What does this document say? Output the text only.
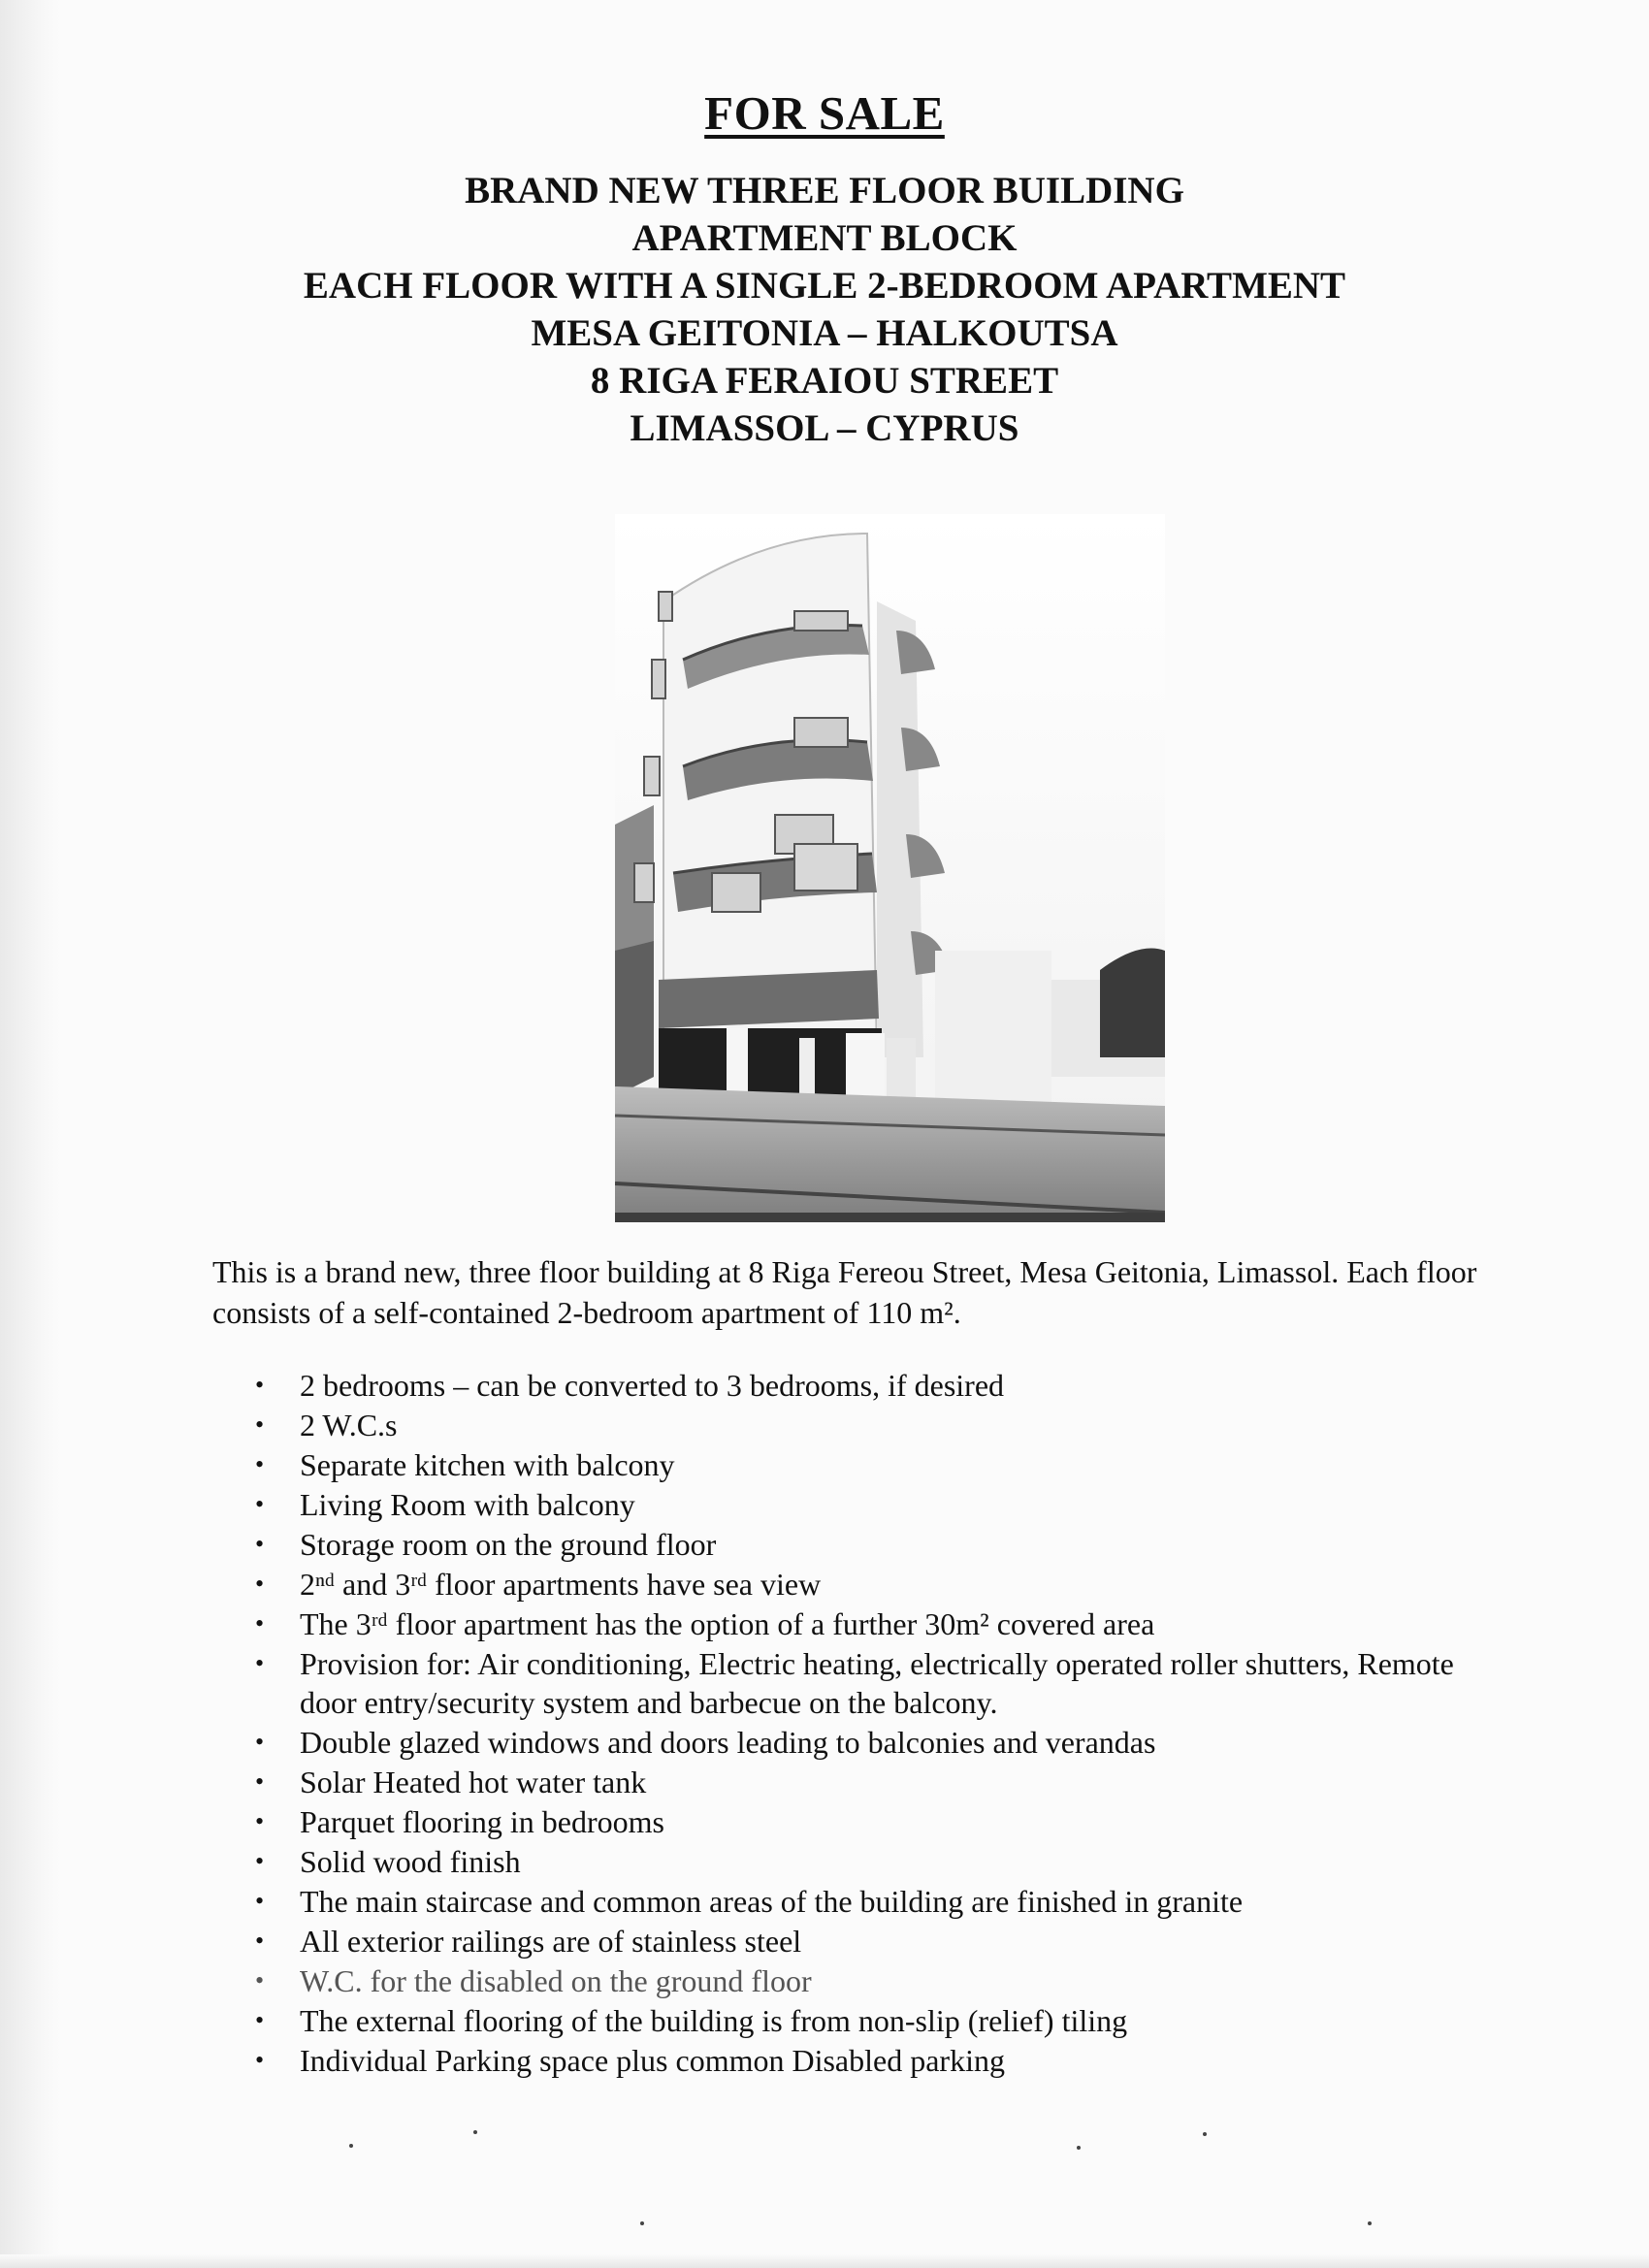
FOR SALE
BRAND NEW THREE FLOOR BUILDING
APARTMENT BLOCK
EACH FLOOR WITH A SINGLE 2-BEDROOM APARTMENT
MESA GEITONIA – HALKOUTSA
8 RIGA FERAIOU STREET
LIMASSOL – CYPRUS
This is a brand new, three floor building at 8 Riga Fereou Street, Mesa Geitonia, Limassol. Each floor consists of a self-contained 2-bedroom apartment of 110 m².
• 2 bedrooms – can be converted to 3 bedrooms, if desired
• 2 W.C.s
• Separate kitchen with balcony
• Living Room with balcony
• Storage room on the ground floor
• 2ⁿᵈ and 3ʳᵈ floor apartments have sea view
• The 3ʳᵈ floor apartment has the option of a further 30m² covered area
• Provision for: Air conditioning, Electric heating, electrically operated roller shutters, Remote door entry/security system and barbecue on the balcony.
• Double glazed windows and doors leading to balconies and verandas
• Solar Heated hot water tank
• Parquet flooring in bedrooms
• Solid wood finish
• The main staircase and common areas of the building are finished in granite
• All exterior railings are of stainless steel
• W.C. for the disabled on the ground floor
• The external flooring of the building is from non-slip (relief) tiling
• Individual Parking space plus common Disabled parking
